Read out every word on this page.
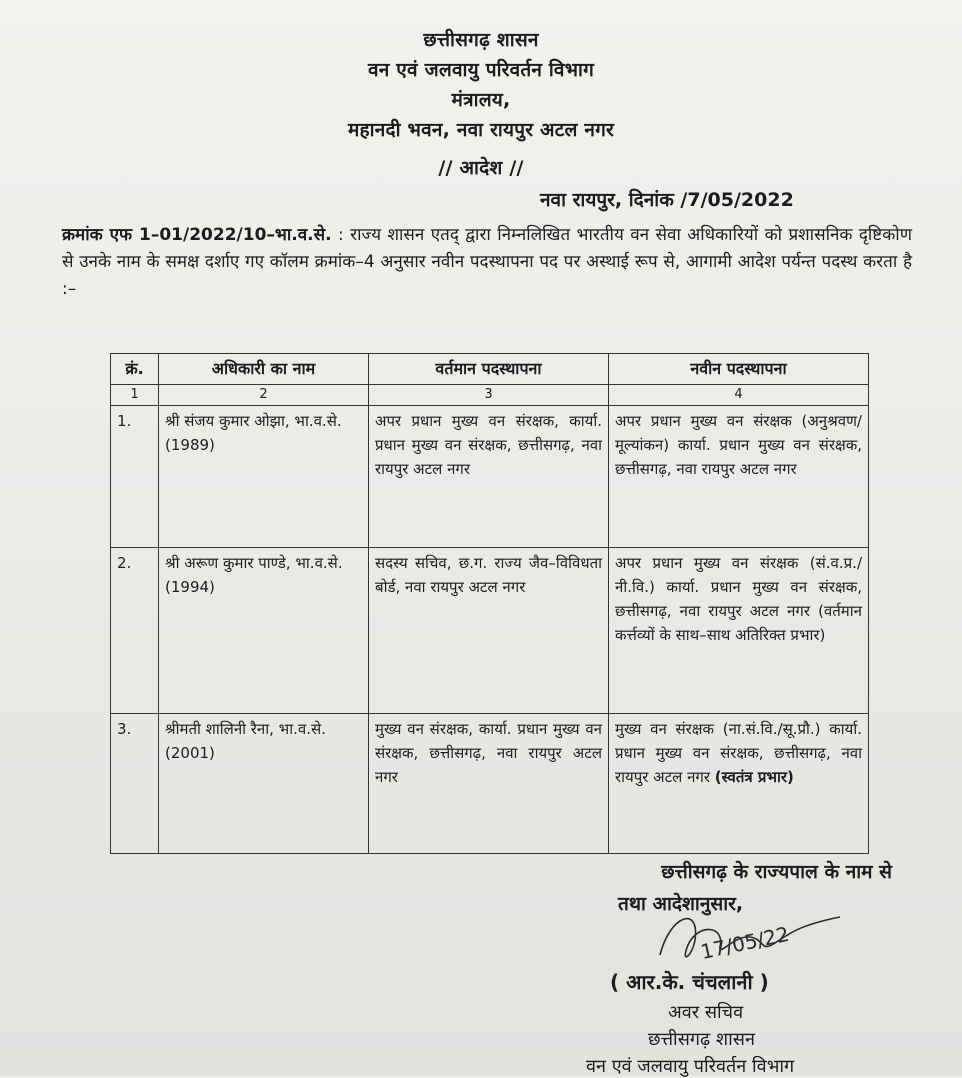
छत्तीसगढ़ शासन
वन एवं जलवायु परिवर्तन विभाग
मंत्रालय,
महानदी भवन, नवा रायपुर अटल नगर
// आदेश //
नवा रायपुर, दिनांक /7/05/2022
क्रमांक एफ 1–01/2022/10–भा.व.से. : राज्य शासन एतद् द्वारा निम्नलिखित भारतीय वन सेवा अधिकारियों को प्रशासनिक दृष्टिकोण से उनके नाम के समक्ष दर्शाए गए कॉलम क्रमांक–4 अनुसार नवीन पदस्थापना पद पर अस्थाई रूप से, आगामी आदेश पर्यन्त पदस्थ करता है :–
क्रं.	अधिकारी का नाम	वर्तमान पदस्थापना	नवीन पदस्थापना
1	2	3	4
1.	श्री संजय कुमार ओझा, भा.व.से. (1989)	अपर प्रधान मुख्य वन संरक्षक, कार्या. प्रधान मुख्य वन संरक्षक, छत्तीसगढ़, नवा रायपुर अटल नगर	अपर प्रधान मुख्य वन संरक्षक (अनुश्रवण/मूल्यांकन) कार्या. प्रधान मुख्य वन संरक्षक, छत्तीसगढ़, नवा रायपुर अटल नगर
2.	श्री अरूण कुमार पाण्डे, भा.व.से. (1994)	सदस्य सचिव, छ.ग. राज्य जैव–विविधता बोर्ड, नवा रायपुर अटल नगर	अपर प्रधान मुख्य वन संरक्षक (सं.व.प्र./नी.वि.) कार्या. प्रधान मुख्य वन संरक्षक, छत्तीसगढ़, नवा रायपुर अटल नगर (वर्तमान कर्त्तव्यों के साथ–साथ अतिरिक्त प्रभार)
3.	श्रीमती शालिनी रैना, भा.व.से. (2001)	मुख्य वन संरक्षक, कार्या. प्रधान मुख्य वन संरक्षक, छत्तीसगढ़, नवा रायपुर अटल नगर	मुख्य वन संरक्षक (ना.सं.वि./सू.प्रौ.) कार्या. प्रधान मुख्य वन संरक्षक, छत्तीसगढ़, नवा रायपुर अटल नगर (स्वतंत्र प्रभार)
छत्तीसगढ़ के राज्यपाल के नाम से
तथा आदेशानुसार,
17/05/22
( आर.के. चंचलानी )
अवर सचिव
छत्तीसगढ़ शासन
वन एवं जलवायु परिवर्तन विभाग
